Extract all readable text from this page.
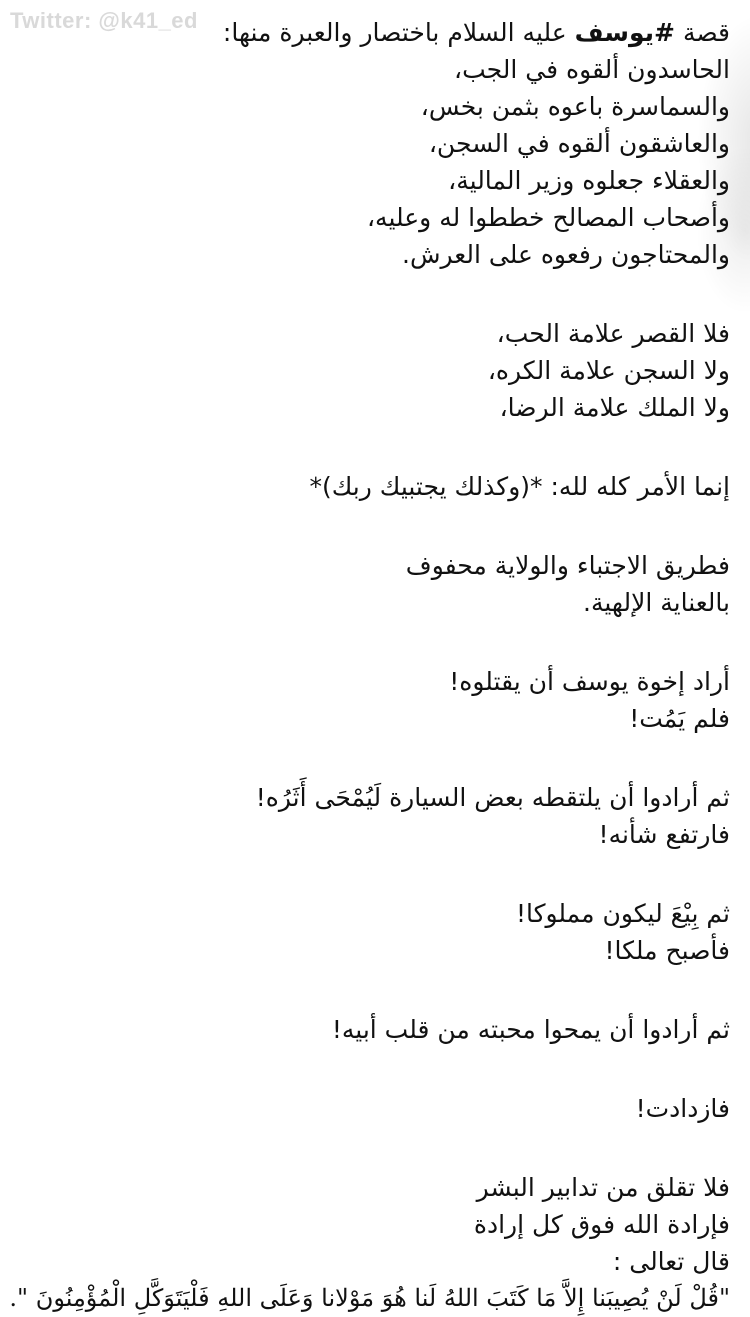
Twitter: @k41_ed	قصة #يوسف عليه السلام باختصار والعبرة منها:
الحاسدون ألقوه في الجب،
والسماسرة باعوه بثمن بخس،
والعاشقون ألقوه في السجن،
والعقلاء جعلوه وزير المالية،
وأصحاب المصالح خططوا له وعليه،
والمحتاجون رفعوه على العرش.
فلا القصر علامة الحب،
ولا السجن علامة الكره،
ولا الملك علامة الرضا،
إنما الأمر كله لله: *(وكذلك يجتبيك ربك)*
فطريق الاجتباء والولاية محفوف
بالعناية الإلهية.
أراد إخوة يوسف أن يقتلوه!
فلم يَمُت!
ثم أرادوا أن يلتقطه بعض السيارة لَيُمْحَى أَثَرُه!
فارتفع شأنه!
ثم بِيْعَ ليكون مملوكا!
فأصبح ملكا!
ثم أرادوا أن يمحوا محبته من قلب أبيه!
فازدادت!
فلا تقلق من تدابير البشر
فإرادة الله فوق كل إرادة
قال تعالى :
"قُلْ لَنْ يُصِيبَنا إِلاَّ مَا كَتَبَ اللهُ لَنا هُوَ مَوْلانا وَعَلَى اللهِ فَلْيَتَوَكَّلِ الْمُؤْمِنُونَ ".
